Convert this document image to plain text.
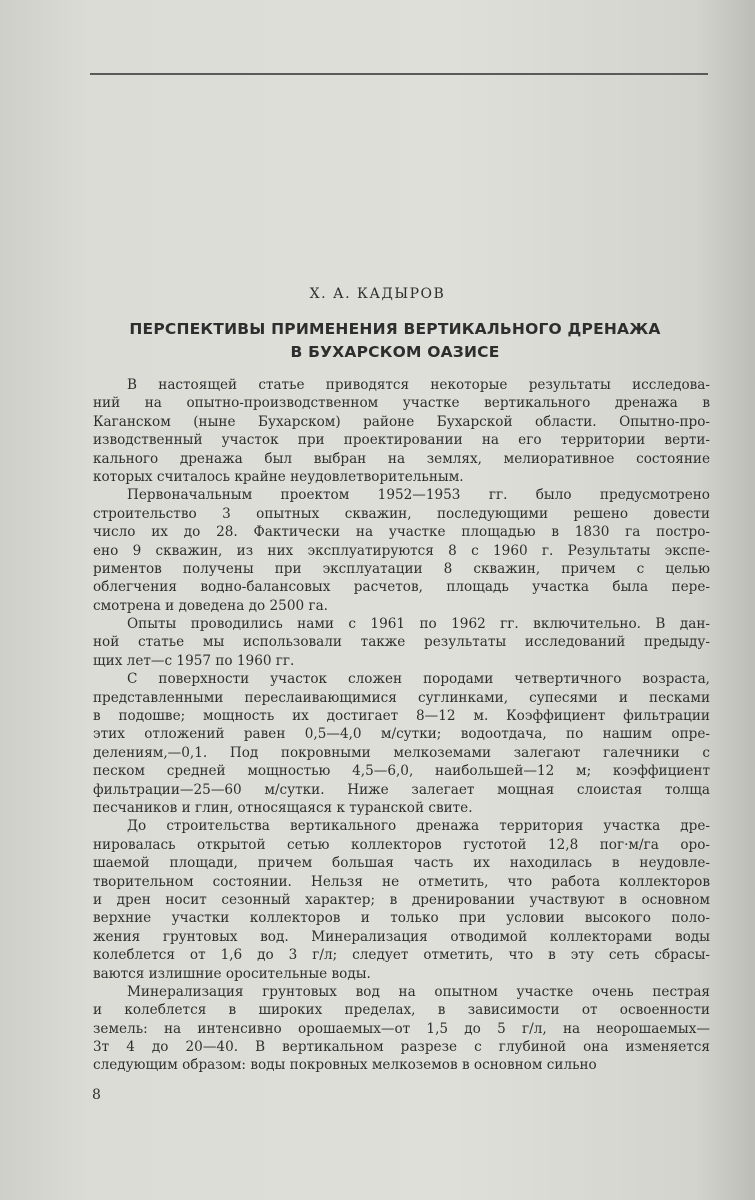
Х. А. КАДЫРОВ
ПЕРСПЕКТИВЫ ПРИМЕНЕНИЯ ВЕРТИКАЛЬНОГО ДРЕНАЖА
В БУХАРСКОМ ОАЗИСЕ
В настоящей статье приводятся некоторые результаты исследова-
ний на опытно-производственном участке вертикального дренажа в
Каганском (ныне Бухарском) районе Бухарской области. Опытно-про-
изводственный участок при проектировании на его территории верти-
кального дренажа был выбран на землях, мелиоративное состояние
которых считалось крайне неудовлетворительным.
Первоначальным проектом 1952—1953 гг. было предусмотрено
строительство 3 опытных скважин, последующими решено довести
число их до 28. Фактически на участке площадью в 1830 га постро-
ено 9 скважин, из них эксплуатируются 8 с 1960 г. Результаты экспе-
риментов получены при эксплуатации 8 скважин, причем с целью
облегчения водно-балансовых расчетов, площадь участка была пере-
смотрена и доведена до 2500 га.
Опыты проводились нами с 1961 по 1962 гг. включительно. В дан-
ной статье мы использовали также результаты исследований предыду-
щих лет—с 1957 по 1960 гг.
С поверхности участок сложен породами четвертичного возраста,
представленными переслаивающимися суглинками, супесями и песками
в подошве; мощность их достигает 8—12 м. Коэффициент фильтрации
этих отложений равен 0,5—4,0 м/сутки; водоотдача, по нашим опре-
делениям,—0,1. Под покровными мелкоземами залегают галечники с
песком средней мощностью 4,5—6,0, наибольшей—12 м; коэффициент
фильтрации—25—60 м/сутки. Ниже залегает мощная слоистая толща
песчаников и глин, относящаяся к туранской свите.
До строительства вертикального дренажа территория участка дре-
нировалась открытой сетью коллекторов густотой 12,8 пог·м/га оро-
шаемой площади, причем большая часть их находилась в неудовле-
творительном состоянии. Нельзя не отметить, что работа коллекторов
и дрен носит сезонный характер; в дренировании участвуют в основном
верхние участки коллекторов и только при условии высокого поло-
жения грунтовых вод. Минерализация отводимой коллекторами воды
колеблется от 1,6 до 3 г/л; следует отметить, что в эту сеть сбрасы-
ваются излишние оросительные воды.
Минерализация грунтовых вод на опытном участке очень пестрая
и колеблется в широких пределах, в зависимости от освоенности
земель: на интенсивно орошаемых—от 1,5 до 5 г/л, на неорошаемых—
3т 4 до 20—40. В вертикальном разрезе с глубиной она изменяется
следующим образом: воды покровных мелкоземов в основном сильно
8
